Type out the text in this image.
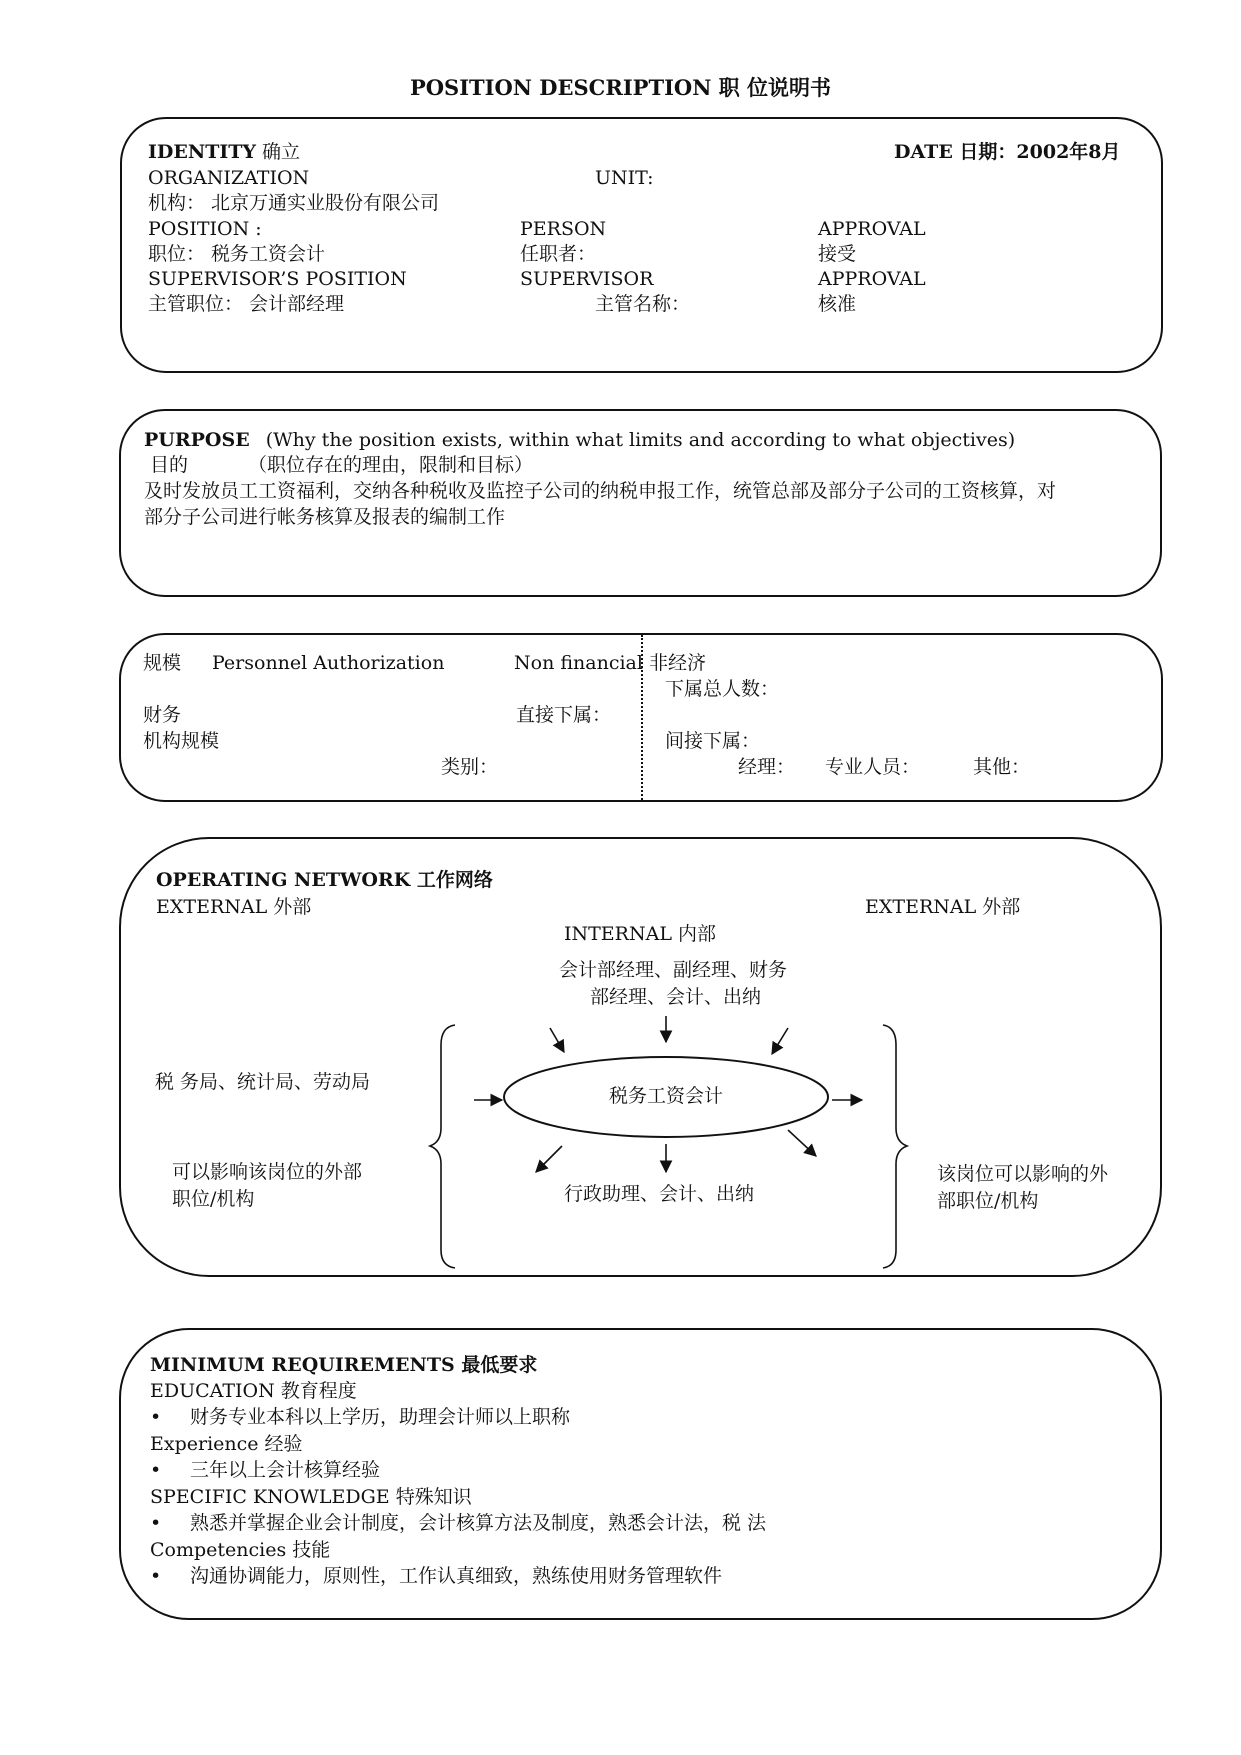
POSITION DESCRIPTION 职 位说明书
IDENTITY 确立	DATE 日期：2002年8月
ORGANIZATION	UNIT:
机构： 北京万通实业股份有限公司
POSITION :	PERSON	APPROVAL
职位： 税务工资会计	任职者：	接受
SUPERVISOR’S POSITION	SUPERVISOR	APPROVAL
主管职位： 会计部经理	主管名称：	核准
PURPOSE (Why the position exists, within what limits and according to what objectives)
目的	（职位存在的理由，限制和目标）
及时发放员工工资福利，交纳各种税收及监控子公司的纳税申报工作，统管总部及部分子公司的工资核算，对
部分子公司进行帐务核算及报表的编制工作
规模 Personnel Authorization	Non financial 非经济
下属总人数：
财务	直接下属：
机构规模	间接下属：
类别：	经理： 专业人员：	其他：
OPERATING NETWORK 工作网络
EXTERNAL 外部	EXTERNAL 外部
INTERNAL 内部
会计部经理、副经理、财务
部经理、会计、出纳
税 务局、统计局、劳动局
可以影响该岗位的外部
职位/机构	行政助理、会计、出纳
该岗位可以影响的外
部职位/机构
税务工资会计
MINIMUM REQUIREMENTS 最低要求
EDUCATION 教育程度
• 财务专业本科以上学历，助理会计师以上职称
Experience 经验
• 三年以上会计核算经验
SPECIFIC KNOWLEDGE 特殊知识
• 熟悉并掌握企业会计制度，会计核算方法及制度，熟悉会计法，税 法
Competencies 技能
• 沟通协调能力，原则性，工作认真细致，熟练使用财务管理软件
